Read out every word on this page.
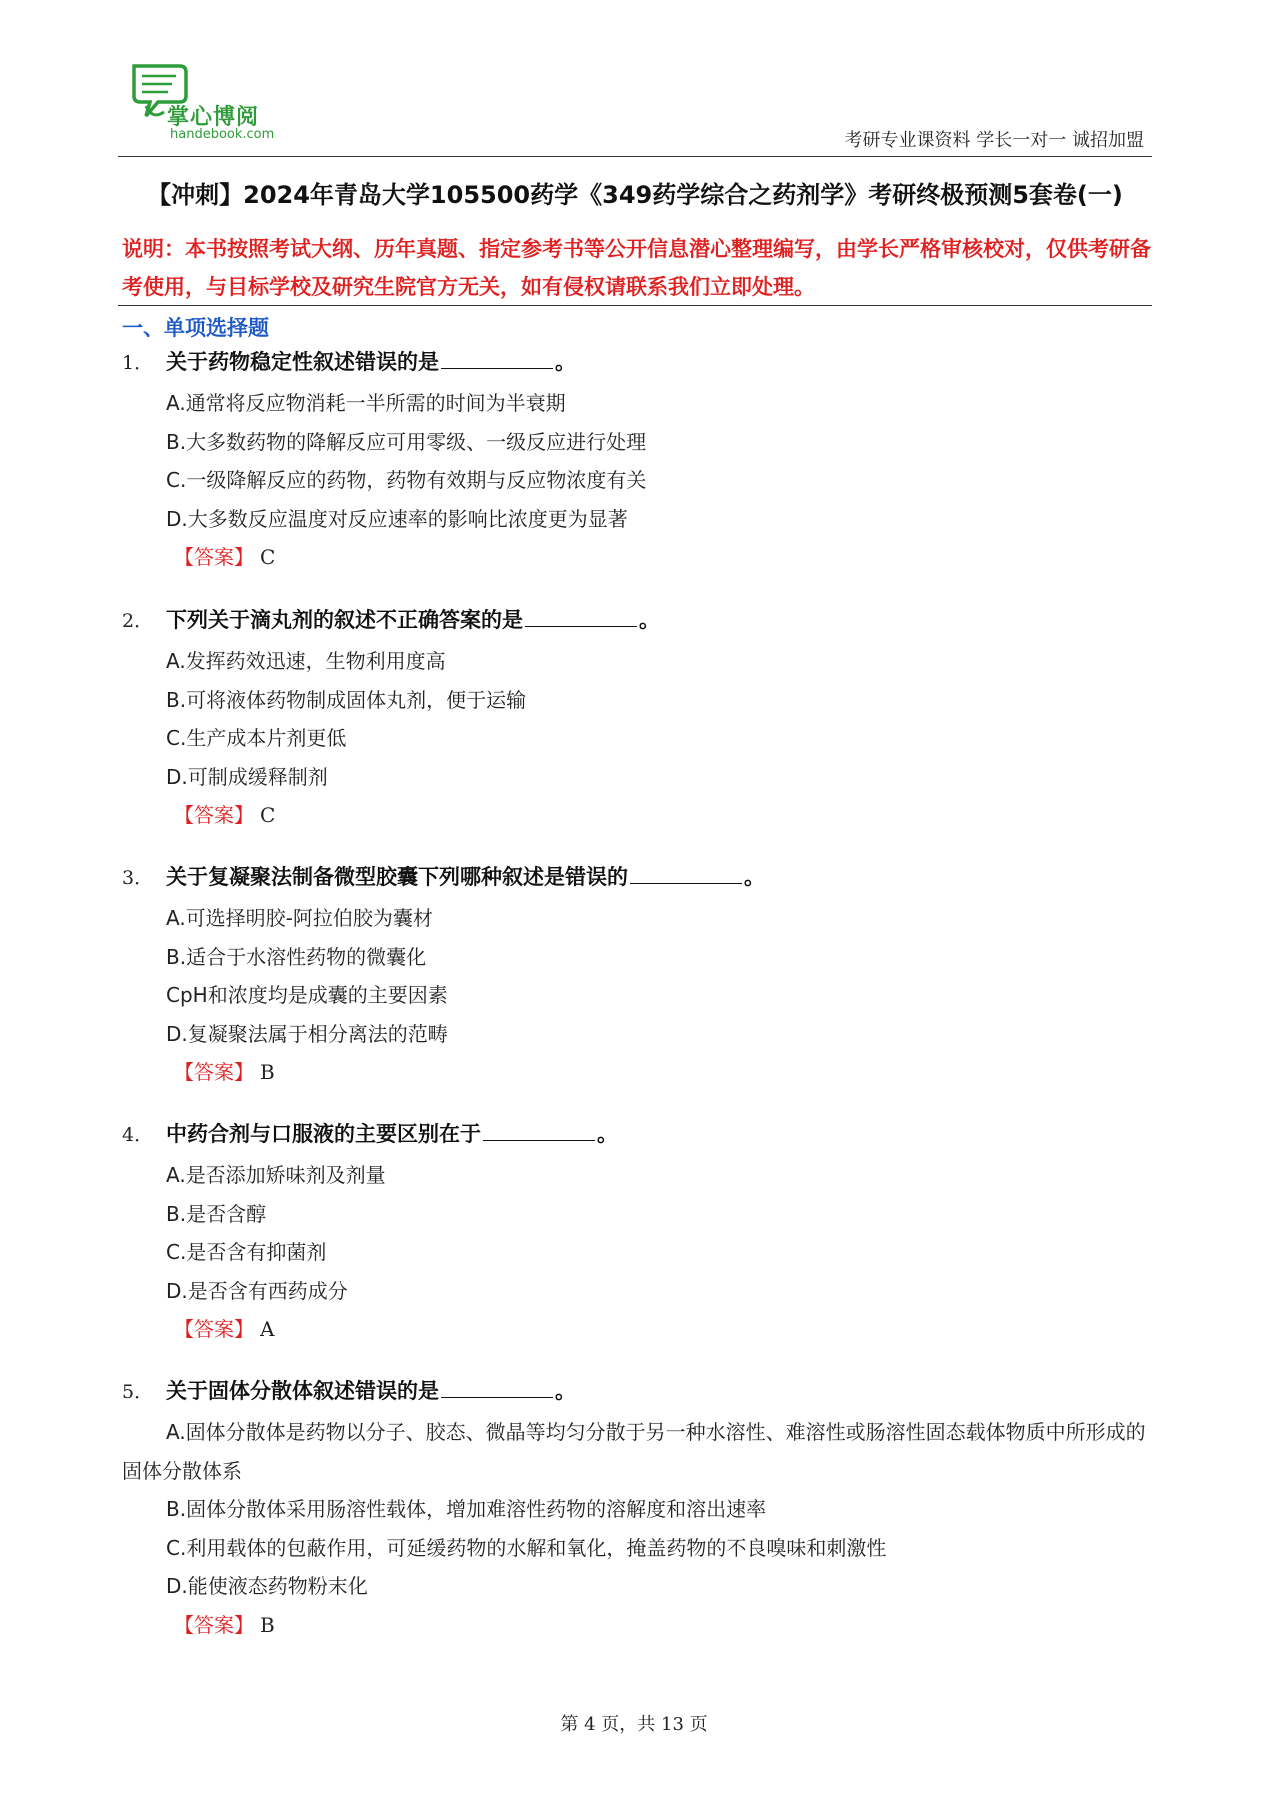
掌心博阅
handebook.com	考研专业课资料 学长一对一 诚招加盟
【冲刺】2024年青岛大学105500药学《349药学综合之药剂学》考研终极预测5套卷(一)
说明：本书按照考试大纲、历年真题、指定参考书等公开信息潜心整理编写，由学长严格审核校对，仅供考研备考使用，与目标学校及研究生院官方无关，如有侵权请联系我们立即处理。
一、单项选择题
1． 关于药物稳定性叙述错误的是	。
A.通常将反应物消耗一半所需的时间为半衰期
B.大多数药物的降解反应可用零级、一级反应进行处理
C.一级降解反应的药物，药物有效期与反应物浓度有关
D.大多数反应温度对反应速率的影响比浓度更为显著
【答案】 C
2． 下列关于滴丸剂的叙述不正确答案的是	。
A.发挥药效迅速，生物利用度高
B.可将液体药物制成固体丸剂，便于运输
C.生产成本片剂更低
D.可制成缓释制剂
【答案】 C
3． 关于复凝聚法制备微型胶囊下列哪种叙述是错误的	。
A.可选择明胶-阿拉伯胶为囊材
B.适合于水溶性药物的微囊化
CpH和浓度均是成囊的主要因素
D.复凝聚法属于相分离法的范畴
【答案】 B
4． 中药合剂与口服液的主要区别在于	。
A.是否添加矫味剂及剂量
B.是否含醇
C.是否含有抑菌剂
D.是否含有西药成分
【答案】 A
5． 关于固体分散体叙述错误的是	。
A.固体分散体是药物以分子、胶态、微晶等均匀分散于另一种水溶性、难溶性或肠溶性固态载体物质中所形成的固体分散体系
B.固体分散体采用肠溶性载体，增加难溶性药物的溶解度和溶出速率
C.利用载体的包蔽作用，可延缓药物的水解和氧化，掩盖药物的不良嗅味和刺激性
D.能使液态药物粉末化
【答案】 B
第 4 页，共 13 页
